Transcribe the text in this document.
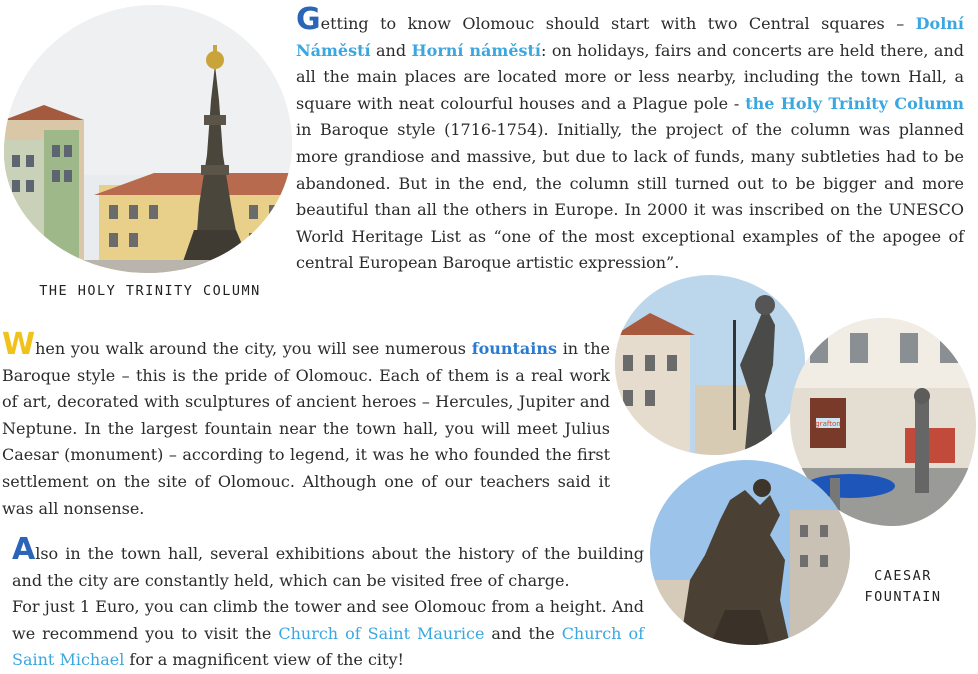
Getting to know Olomouc should start with two Central squares – Dolní Náměstí and Horní náměstí: on holidays, fairs and concerts are held there, and all the main places are located more or less nearby, including the town Hall, a square with neat colourful houses and a Plague pole - the Holy Trinity Column in Baroque style (1716-1754). Initially, the project of the column was planned more grandiose and massive, but due to lack of funds, many subtleties had to be abandoned. But in the end, the column still turned out to be bigger and more beautiful than all the others in Europe. In 2000 it was inscribed on the UNESCO World Heritage List as “one of the most exceptional examples of the apogee of central European Baroque artistic expression”.

THE HOLY TRINITY COLUMN

When you walk around the city, you will see numerous fountains in the Baroque style – this is the pride of Olomouc. Each of them is a real work of art, decorated with sculptures of ancient heroes – Hercules, Jupiter and Neptune. In the largest fountain near the town hall, you will meet Julius Caesar (monument) – according to legend, it was he who founded the first settlement on the site of Olomouc. Although one of our teachers said it was all nonsense.

Also in the town hall, several exhibitions about the history of the building and the city are constantly held, which can be visited free of charge.
For just 1 Euro, you can climb the tower and see Olomouc from a height. And we recommend you to visit the Church of Saint Maurice and the Church of Saint Michael for a magnificent view of the city!

grafton
CAESAR
FOUNTAIN
